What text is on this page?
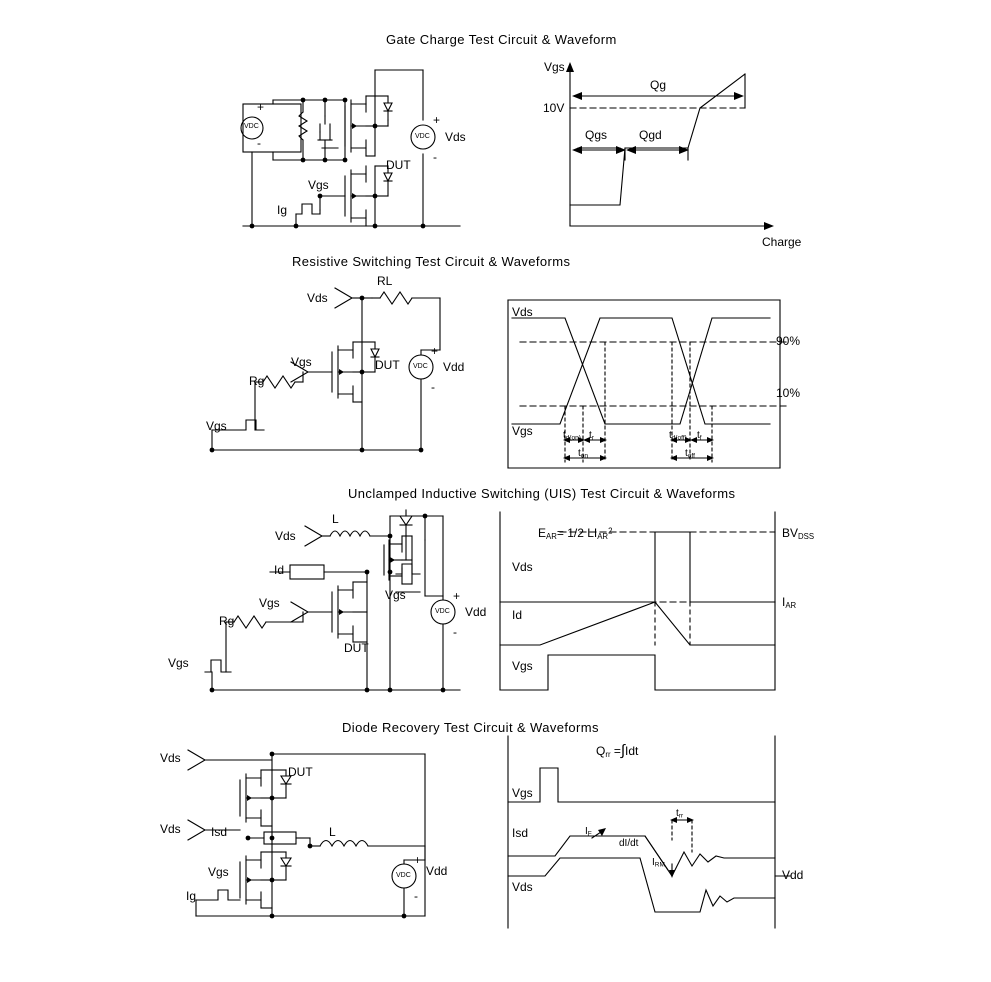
Gate Charge Test Circuit & Waveform
Resistive Switching Test Circuit & Waveforms
Unclamped Inductive Switching (UIS) Test Circuit & Waveforms
Diode Recovery Test Circuit & Waveforms
VDC
+
-
DUT
Vgs
Ig
VDC
+
-
Vds
Vgs
Qg
10V
Qgs	Qgd
Charge
Vds
RL
Vgs	DUT
Rg
Vgs
VDC
+
-
Vdd
Vds
90%
10%
Vgs	$t_{d(on)}$ $t_r$
$t_{on}$
$t_{d(off)}$ $t_f$
$t_{off}$
Vds
L
Id
Vgs
Vgs
Rg
DUT
Vgs
VDC
+
-
Vdd
$E_{AR}= 1/2$ $LI_{AR}^2$	$BV_{DSS}$
Vds
Id
$I_{AR}$
Vgs
Vds
DUT
Vds	Isd	L
Vgs
Ig
VDC
+
-
Vdd
$Q_{rr} =\int Idt$
Vgs
Isd	$I_F$
dI/dt
$t_{rr}$
$I_{RM}$
Vds
Vdd
